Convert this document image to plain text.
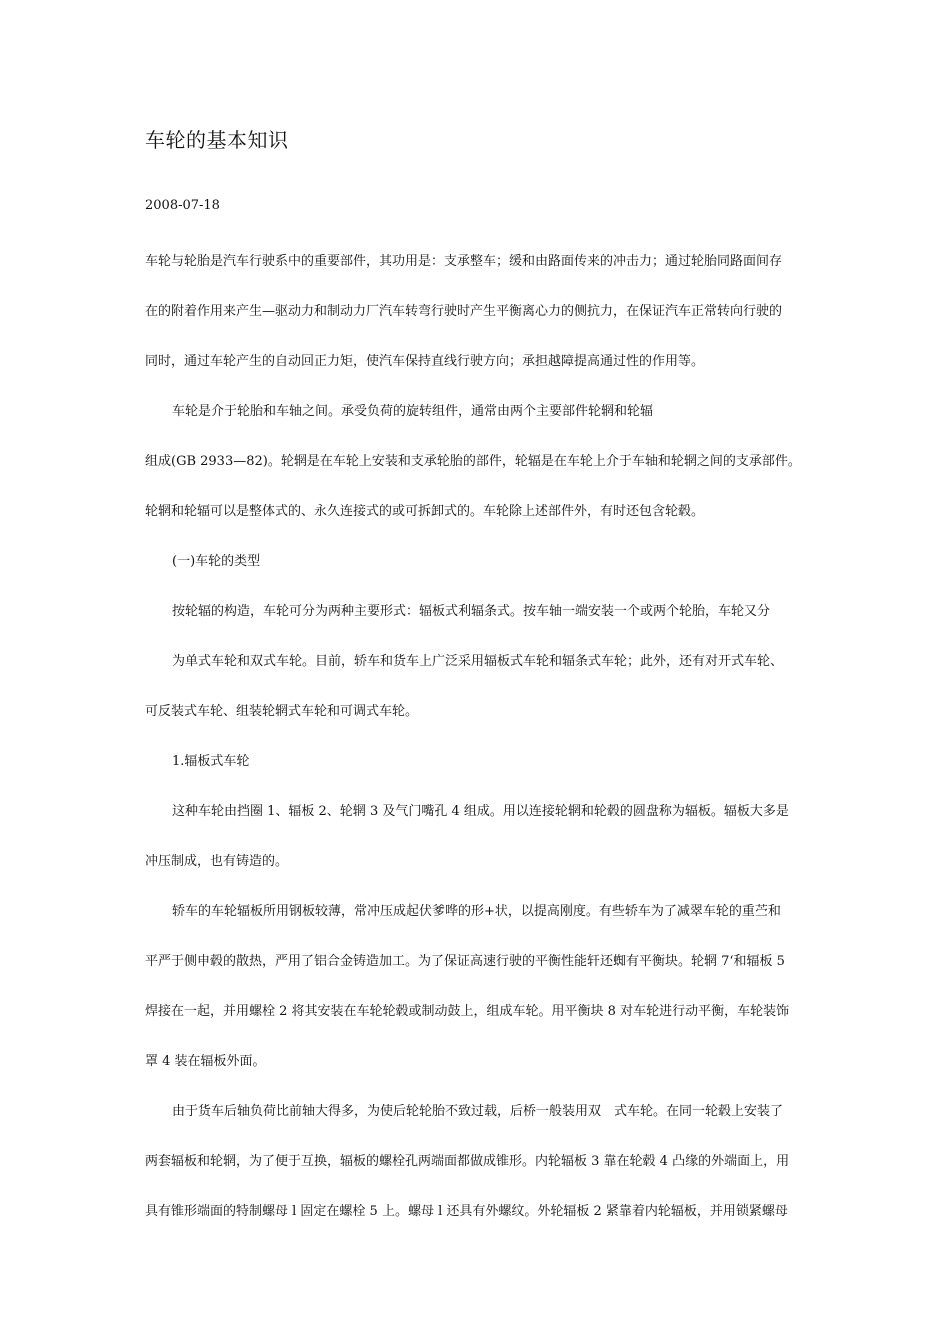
车轮的基本知识
2008-07-18
车轮与轮胎是汽车行驶系中的重要部件，其功用是：支承整车；缓和由路面传来的冲击力；通过轮胎同路面间存
在的附着作用来产生—驱动力和制动力厂汽车转弯行驶时产生平衡离心力的侧抗力，在保证汽车正常转向行驶的
同时，通过车轮产生的自动回正力矩，使汽车保持直线行驶方向；承担越障提高通过性的作用等。
车轮是介于轮胎和车轴之间。承受负荷的旋转组件，通常由两个主要部件轮辋和轮辐
组成(GB 2933—82)。轮辋是在车轮上安装和支承轮胎的部件，轮辐是在车轮上介于车轴和轮辋之间的支承部件。
轮辋和轮辐可以是整体式的、永久连接式的或可拆卸式的。车轮除上述部件外，有时还包含轮毂。
(一)车轮的类型
按轮辐的构造，车轮可分为两种主要形式：辐板式利辐条式。按车轴一端安装一个或两个轮胎，车轮又分
为单式车轮和双式车轮。目前，轿车和货车上广泛采用辐板式车轮和辐条式车轮；此外，还有对开式车轮、
可反装式车轮、组装轮辋式车轮和可调式车轮。
1.辐板式车轮
这种车轮由挡圈 1、辐板 2、轮辋 3 及气门嘴孔 4 组成。用以连接轮辋和轮毂的圆盘称为辐板。辐板大多是
冲压制成，也有铸造的。
轿车的车轮辐板所用钢板较薄，常冲压成起伏爹哗的形+状，以提高刚度。有些轿车为了减翠车轮的重苎和
平严于侧申毂的散热，严用了铝合金铸造加工。为了保证高速行驶的平衡性能轩还蜘有平衡块。轮辋 7‘和辐板 5
焊接在一起，并用螺栓 2 将其安装在车轮轮毂或制动鼓上，组成车轮。用平衡块 8 对车轮进行动平衡，车轮装饰
罩 4 装在辐板外面。
由于货车后轴负荷比前轴大得多，为使后轮轮胎不致过载，后桥一般装用双　式车轮。在同一轮毂上安装了
两套辐板和轮辋，为了便于互换，辐板的螺栓孔两端面都做成锥形。内轮辐板 3 靠在轮毂 4 凸缘的外端面上，用
具有锥形端面的特制螺母 l 固定在螺栓 5 上。螺母 l 还具有外螺纹。外轮辐板 2 紧靠着内轮辐板，并用锁紧螺母
